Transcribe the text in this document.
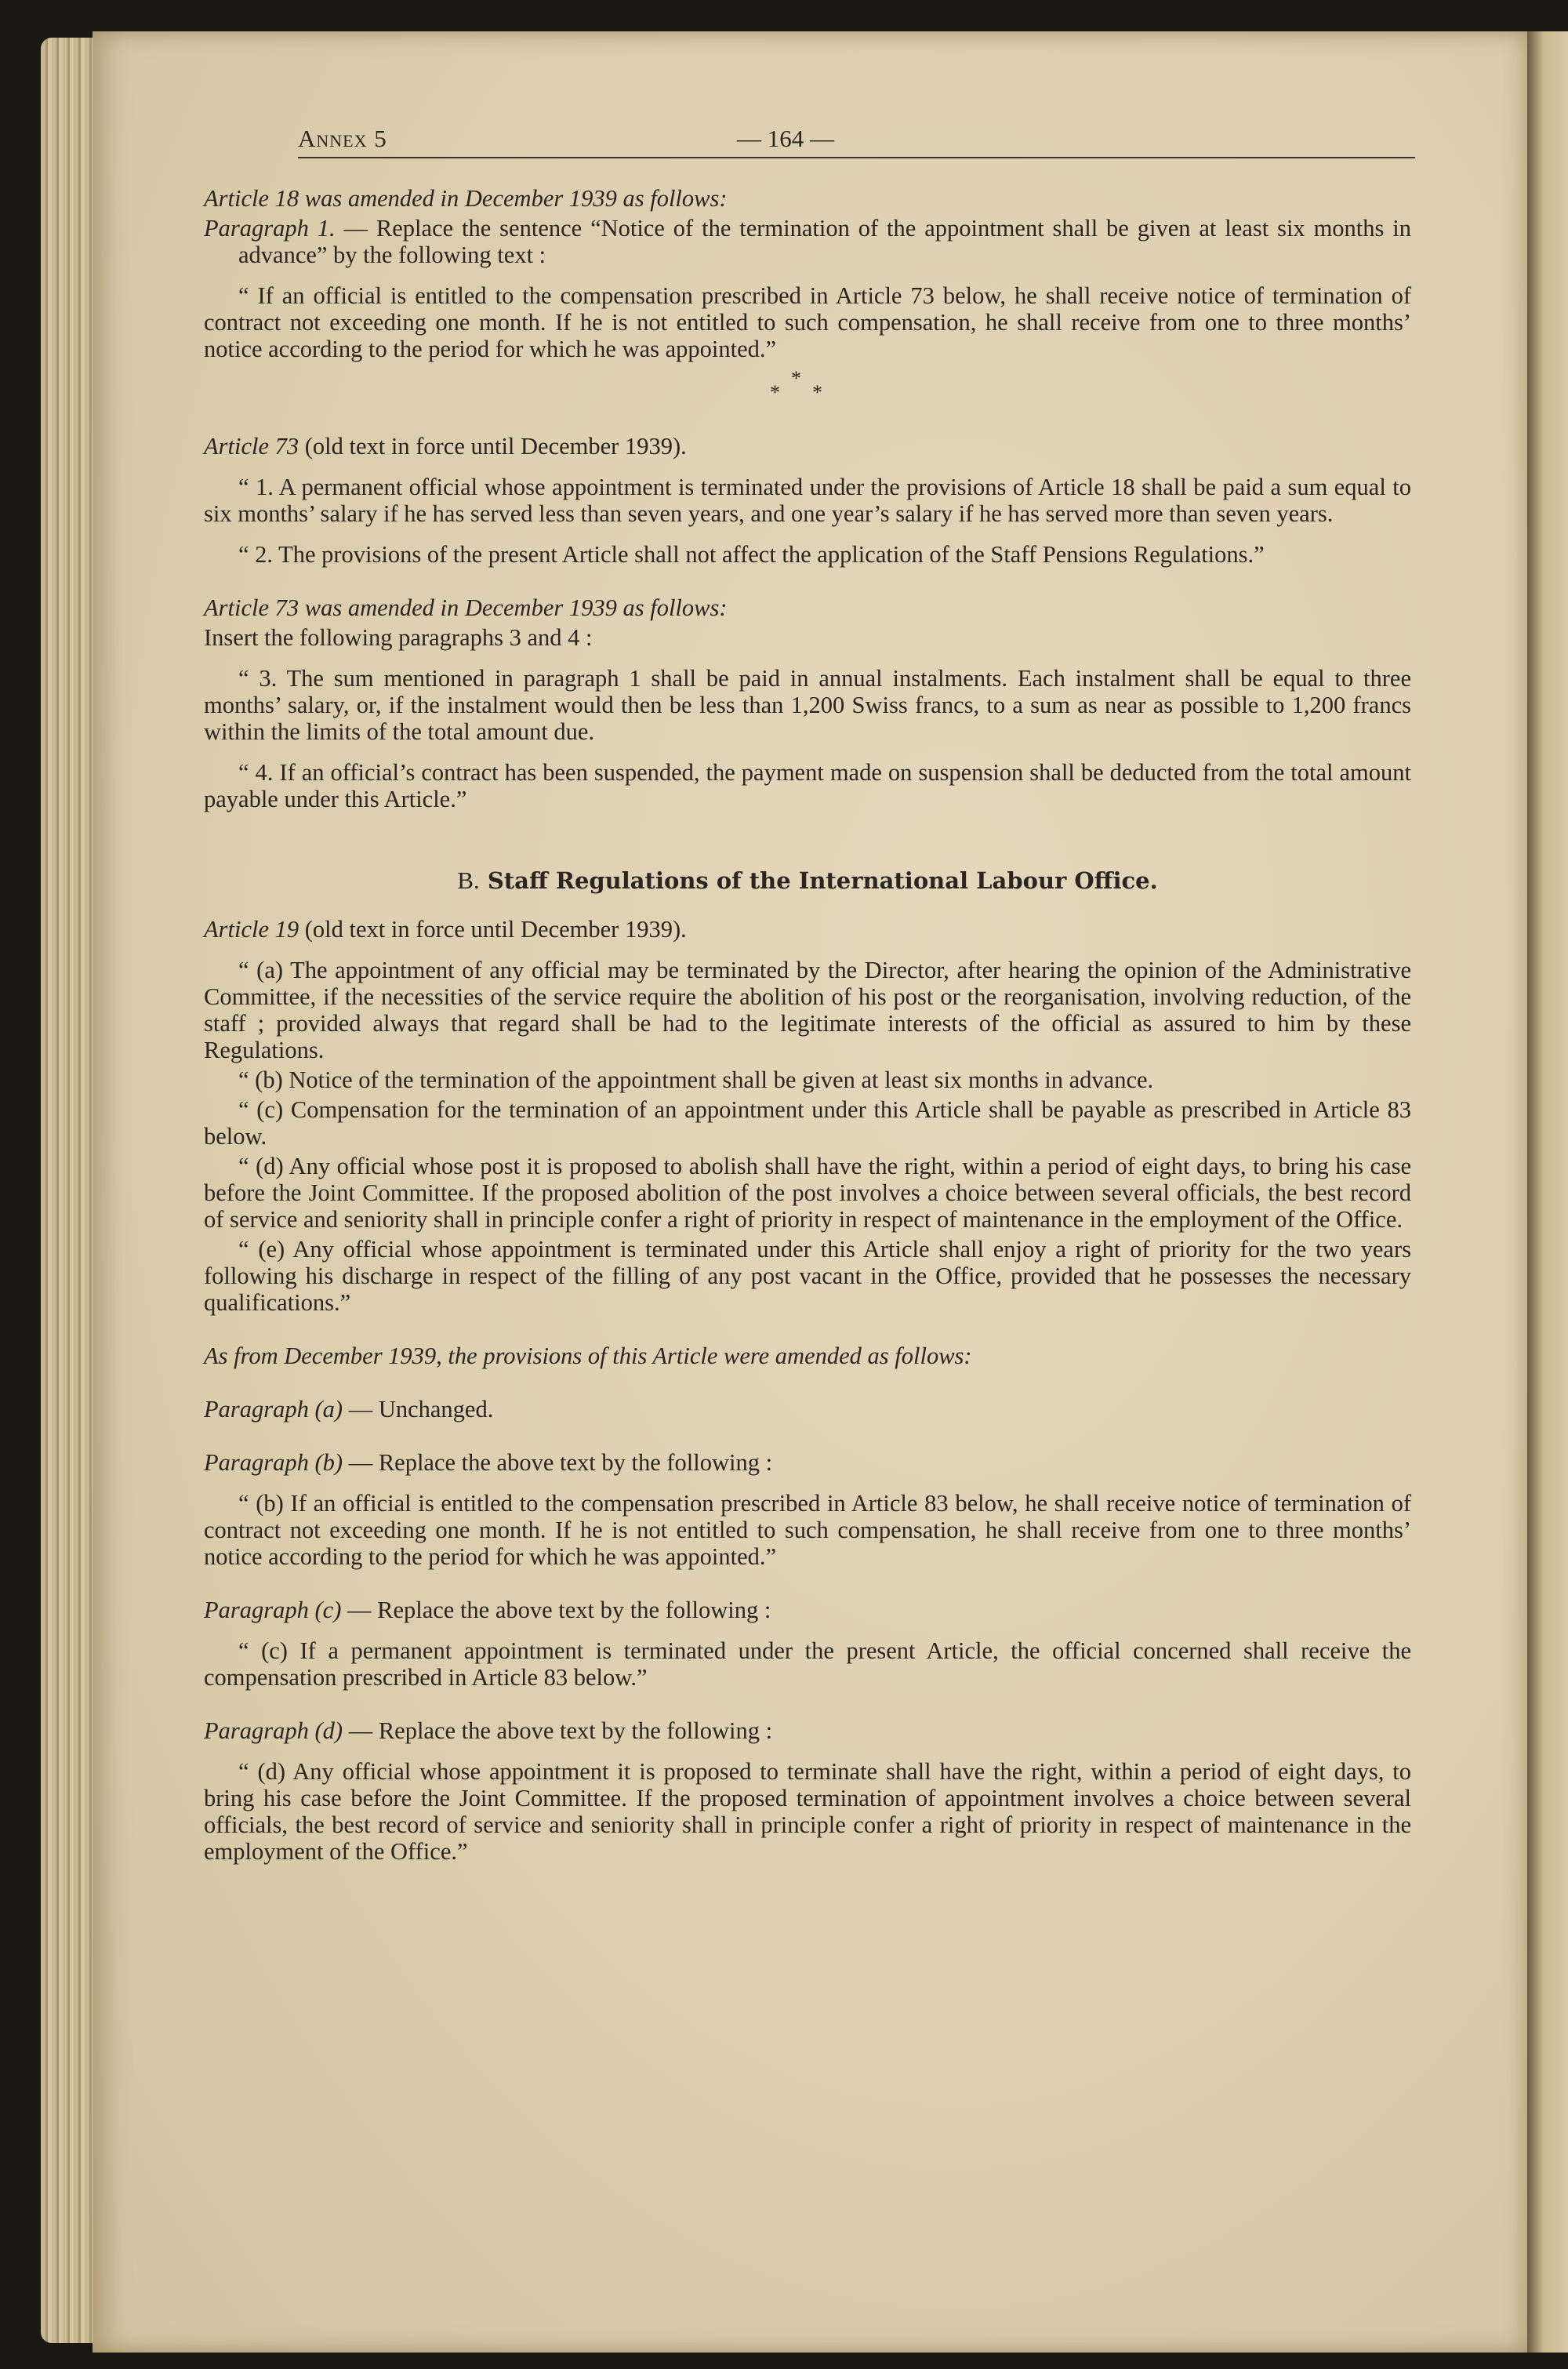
Annex 5	— 164 —

Article 18 was amended in December 1939 as follows:

Paragraph 1. — Replace the sentence “Notice of the termination of the appointment shall be given at least six months in advance” by the following text :

“ If an official is entitled to the compensation prescribed in Article 73 below, he shall receive notice of termination of contract not exceeding one month. If he is not entitled to such compensation, he shall receive from one to three months’ notice according to the period for which he was appointed.”

*
*
*

Article 73 (old text in force until December 1939).

“ 1. A permanent official whose appointment is terminated under the provisions of Article 18 shall be paid a sum equal to six months’ salary if he has served less than seven years, and one year’s salary if he has served more than seven years.

“ 2. The provisions of the present Article shall not affect the application of the Staff Pensions Regulations.”

Article 73 was amended in December 1939 as follows:

Insert the following paragraphs 3 and 4 :

“ 3. The sum mentioned in paragraph 1 shall be paid in annual instalments. Each instalment shall be equal to three months’ salary, or, if the instalment would then be less than 1,200 Swiss francs, to a sum as near as possible to 1,200 francs within the limits of the total amount due.

“ 4. If an official’s contract has been suspended, the payment made on suspension shall be deducted from the total amount payable under this Article.”

B. Staff Regulations of the International Labour Office.

Article 19 (old text in force until December 1939).

“ (a) The appointment of any official may be terminated by the Director, after hearing the opinion of the Administrative Committee, if the necessities of the service require the abolition of his post or the reorganisation, involving reduction, of the staff ; provided always that regard shall be had to the legitimate interests of the official as assured to him by these Regulations.

“ (b) Notice of the termination of the appointment shall be given at least six months in advance.

“ (c) Compensation for the termination of an appointment under this Article shall be payable as prescribed in Article 83 below.

“ (d) Any official whose post it is proposed to abolish shall have the right, within a period of eight days, to bring his case before the Joint Committee. If the proposed abolition of the post involves a choice between several officials, the best record of service and seniority shall in principle confer a right of priority in respect of maintenance in the employment of the Office.

“ (e) Any official whose appointment is terminated under this Article shall enjoy a right of priority for the two years following his discharge in respect of the filling of any post vacant in the Office, provided that he possesses the necessary qualifications.”

As from December 1939, the provisions of this Article were amended as follows:

Paragraph (a) — Unchanged.

Paragraph (b) — Replace the above text by the following :

“ (b) If an official is entitled to the compensation prescribed in Article 83 below, he shall receive notice of termination of contract not exceeding one month. If he is not entitled to such compensation, he shall receive from one to three months’ notice according to the period for which he was appointed.”

Paragraph (c) — Replace the above text by the following :

“ (c) If a permanent appointment is terminated under the present Article, the official concerned shall receive the compensation prescribed in Article 83 below.”

Paragraph (d) — Replace the above text by the following :

“ (d) Any official whose appointment it is proposed to terminate shall have the right, within a period of eight days, to bring his case before the Joint Committee. If the proposed termination of appointment involves a choice between several officials, the best record of service and seniority shall in principle confer a right of priority in respect of maintenance in the employment of the Office.”
